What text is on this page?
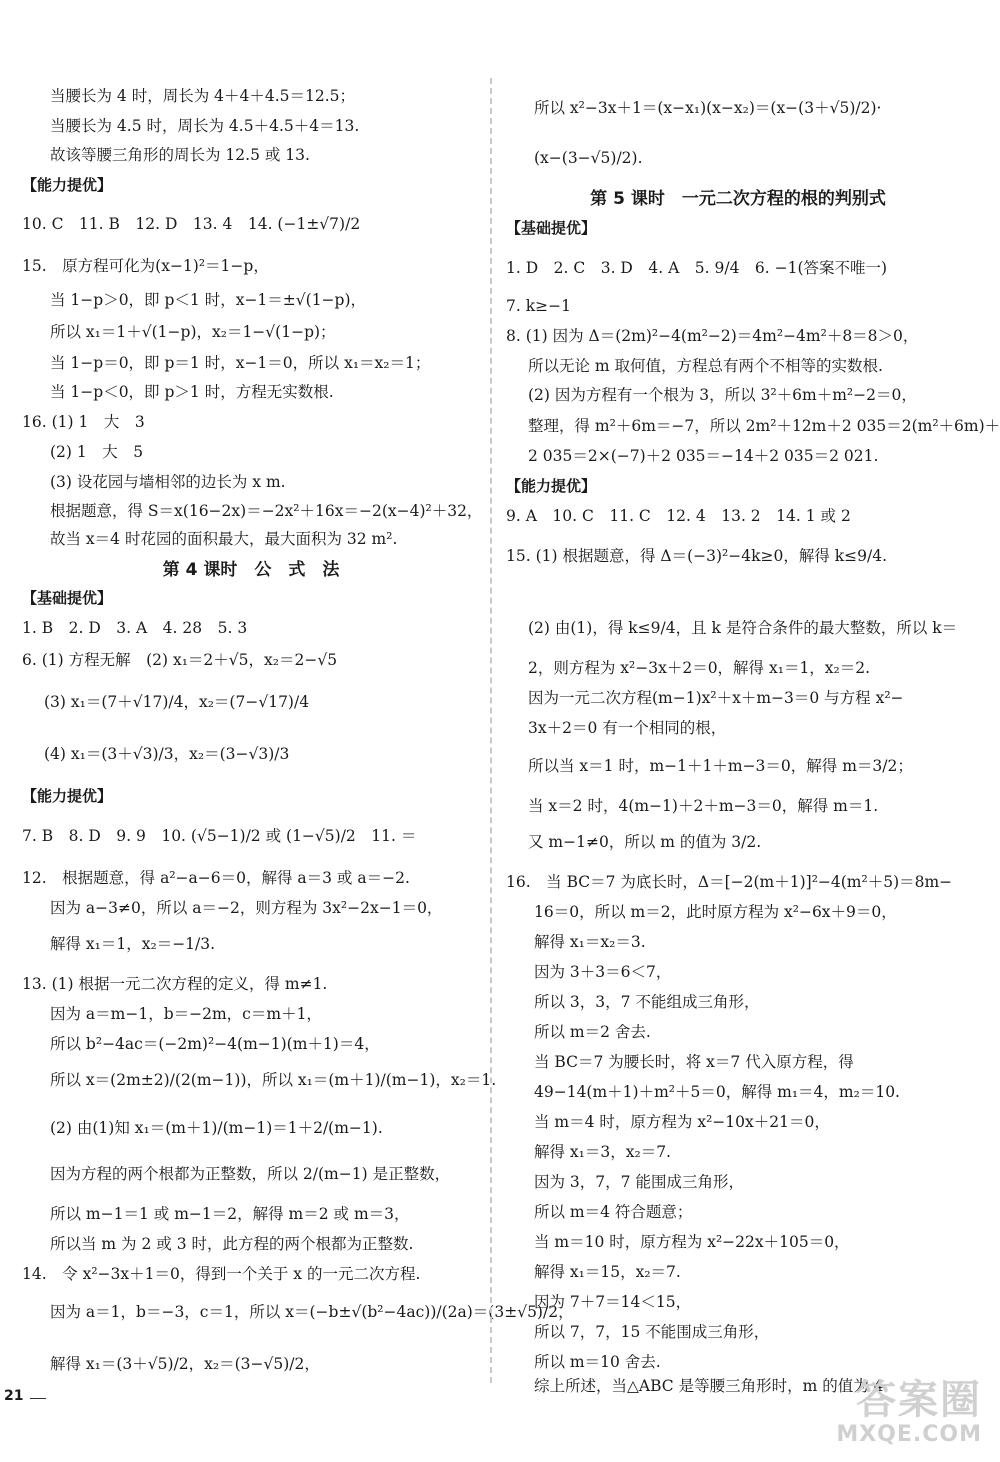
当腰长为 4 时，周长为 4＋4＋4.5＝12.5；
当腰长为 4.5 时，周长为 4.5＋4.5＋4＝13.
故该等腰三角形的周长为 12.5 或 13.
【能力提优】
10. C　11. B　12. D　13. 4　14. (−1±√7)/2
15.　原方程可化为(x−1)²＝1−p，
当 1−p＞0，即 p＜1 时，x−1＝±√(1−p)，
所以 x₁＝1＋√(1−p)，x₂＝1−√(1−p)；
当 1−p＝0，即 p＝1 时，x−1＝0，所以 x₁＝x₂＝1；
当 1−p＜0，即 p＞1 时，方程无实数根.
16. (1) 1　大　3
(2) 1　大　5
(3) 设花园与墙相邻的边长为 x m.
根据题意，得 S＝x(16−2x)＝−2x²＋16x＝−2(x−4)²＋32，
故当 x＝4 时花园的面积最大，最大面积为 32 m².
第 4 课时　公　式　法
【基础提优】
1. B　2. D　3. A　4. 28　5. 3
6. (1) 方程无解　(2) x₁＝2＋√5，x₂＝2−√5
(3) x₁＝(7＋√17)/4，x₂＝(7−√17)/4
(4) x₁＝(3＋√3)/3，x₂＝(3−√3)/3
【能力提优】
7. B　8. D　9. 9　10. (√5−1)/2 或 (1−√5)/2　11. ＝
12.　根据题意，得 a²−a−6＝0，解得 a＝3 或 a＝−2.
因为 a−3≠0，所以 a＝−2，则方程为 3x²−2x−1＝0，
解得 x₁＝1，x₂＝−1/3.
13. (1) 根据一元二次方程的定义，得 m≠1.
因为 a＝m−1，b＝−2m，c＝m＋1，
所以 b²−4ac＝(−2m)²−4(m−1)(m＋1)＝4，
所以 x＝(2m±2)/(2(m−1))，所以 x₁＝(m＋1)/(m−1)，x₂＝1.
(2) 由(1)知 x₁＝(m＋1)/(m−1)＝1＋2/(m−1).
因为方程的两个根都为正整数，所以 2/(m−1) 是正整数，
所以 m−1＝1 或 m−1＝2，解得 m＝2 或 m＝3，
所以当 m 为 2 或 3 时，此方程的两个根都为正整数.
14.　令 x²−3x＋1＝0，得到一个关于 x 的一元二次方程.
因为 a＝1，b＝−3，c＝1，所以 x＝(−b±√(b²−4ac))/(2a)＝(3±√5)/2，
解得 x₁＝(3＋√5)/2，x₂＝(3−√5)/2，
所以 x²−3x＋1＝(x−x₁)(x−x₂)＝(x−(3＋√5)/2)·
(x−(3−√5)/2).
第 5 课时　一元二次方程的根的判别式
【基础提优】
1. D　2. C　3. D　4. A　5. 9/4　6. −1(答案不唯一)
7. k≥−1
8. (1) 因为 Δ＝(2m)²−4(m²−2)＝4m²−4m²＋8＝8＞0，
所以无论 m 取何值，方程总有两个不相等的实数根.
(2) 因为方程有一个根为 3，所以 3²＋6m＋m²−2＝0，
整理，得 m²＋6m＝−7，所以 2m²＋12m＋2 035＝2(m²＋6m)＋
2 035＝2×(−7)＋2 035＝−14＋2 035＝2 021.
【能力提优】
9. A　10. C　11. C　12. 4　13. 2　14. 1 或 2
15. (1) 根据题意，得 Δ＝(−3)²−4k≥0，解得 k≤9/4.
(2) 由(1)，得 k≤9/4，且 k 是符合条件的最大整数，所以 k＝
2，则方程为 x²−3x＋2＝0，解得 x₁＝1，x₂＝2.
因为一元二次方程(m−1)x²＋x＋m−3＝0 与方程 x²−
3x＋2＝0 有一个相同的根，
所以当 x＝1 时，m−1＋1＋m−3＝0，解得 m＝3/2；
当 x＝2 时，4(m−1)＋2＋m−3＝0，解得 m＝1.
又 m−1≠0，所以 m 的值为 3/2.
16.　当 BC＝7 为底长时，Δ＝[−2(m＋1)]²−4(m²＋5)＝8m−
16＝0，所以 m＝2，此时原方程为 x²−6x＋9＝0，
解得 x₁＝x₂＝3.
因为 3＋3＝6＜7，
所以 3，3，7 不能组成三角形，
所以 m＝2 舍去.
当 BC＝7 为腰长时，将 x＝7 代入原方程，得
49−14(m＋1)＋m²＋5＝0，解得 m₁＝4，m₂＝10.
当 m＝4 时，原方程为 x²−10x＋21＝0，
解得 x₁＝3，x₂＝7.
因为 3，7，7 能围成三角形，
所以 m＝4 符合题意；
当 m＝10 时，原方程为 x²−22x＋105＝0，
解得 x₁＝15，x₂＝7.
因为 7＋7＝14＜15，
所以 7，7，15 不能围成三角形，
所以 m＝10 舍去.
综上所述，当△ABC 是等腰三角形时，m 的值为 4.
21	答案圈
MXQE.COM
